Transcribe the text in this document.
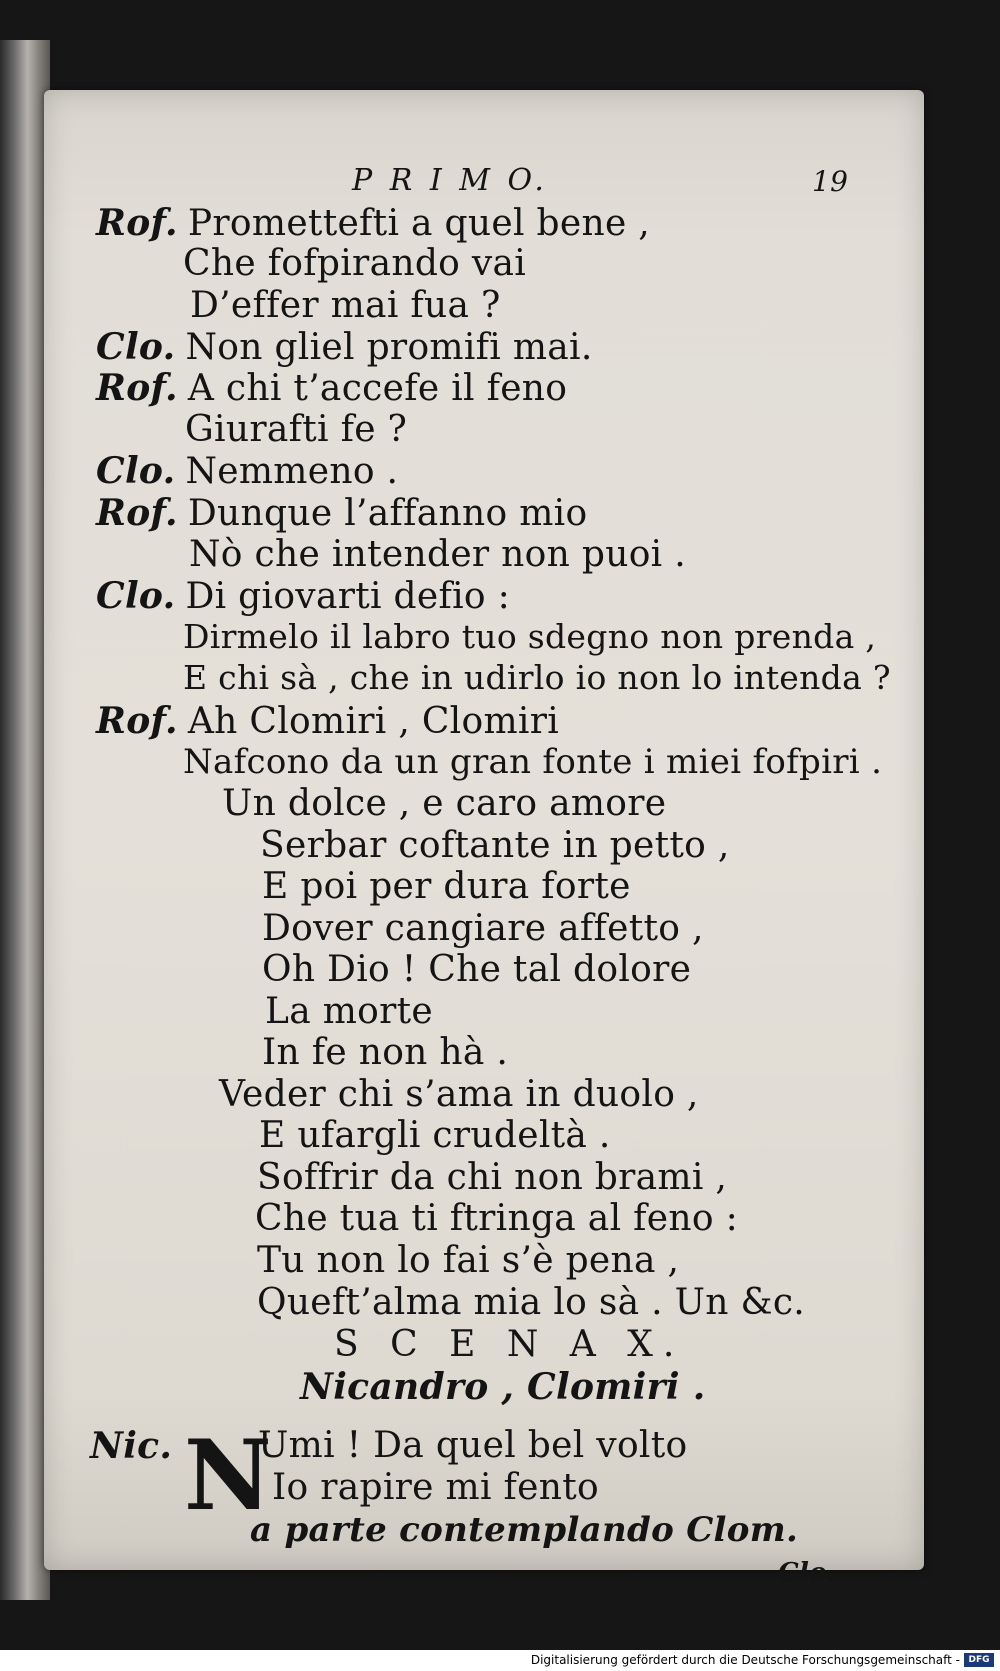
P R I M O.	19
Rof. Promettefti a quel bene ,
Che fofpirando vai
D’effer mai fua ?
Clo. Non gliel promifi mai.
Rof. A chi t’accefe il feno
Giurafti fe ?
Clo. Nemmeno .
Rof. Dunque l’affanno mio
Nò che intender non puoi .
Clo. Di giovarti defio :
Dirmelo il labro tuo sdegno non prenda ,
E chi sà , che in udirlo io non lo intenda ?
Rof. Ah Clomiri , Clomiri
Nafcono da un gran fonte i miei fofpiri .
Un dolce , e caro amore
Serbar coftante in petto ,
E poi per dura forte
Dover cangiare affetto ,
Oh Dio ! Che tal dolore
La morte
In fe non hà .
Veder chi s’ama in duolo ,
E ufargli crudeltà .
Soffrir da chi non brami ,
Che tua ti ftringa al feno :
Tu non lo fai s’è pena ,
Queft’alma mia lo sà . Un &c.
S C E N A X.
Nicandro , Clomiri .
Nic. N
Umi ! Da quel bel volto
Io rapire mi fento
a parte contemplando Clom.
Clo.
Digitalisierung gefördert durch die Deutsche Forschungsgemeinschaft - DFG
